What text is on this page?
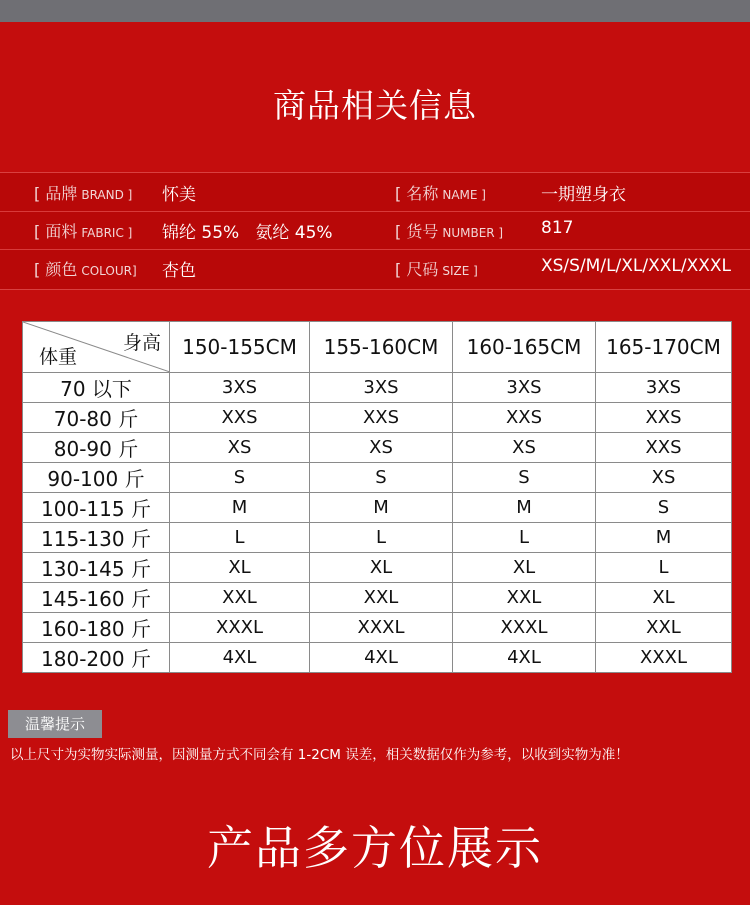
商品相关信息
[ 品牌 BRAND ] 怀美	[ 名称 NAME ]	一期塑身衣
[ 面料 FABRIC ] 锦纶 55%   氨纶 45%	[ 货号 NUMBER ] 817
[ 颜色 COLOUR] 杏色	[ 尺码 SIZE ]	XS/S/M/L/XL/XXL/XXXL
身高
体重	150-155CM	155-160CM	160-165CM	165-170CM
70 以下	3XS	3XS	3XS	3XS
70-80 斤	XXS	XXS	XXS	XXS
80-90 斤	XS	XS	XS	XXS
90-100 斤	S	S	S	XS
100-115 斤	M	M	M	S
115-130 斤	L	L	L	M
130-145 斤	XL	XL	XL	L
145-160 斤	XXL	XXL	XXL	XL
160-180 斤	XXXL	XXXL	XXXL	XXL
180-200 斤	4XL	4XL	4XL	XXXL
温馨提示
以上尺寸为实物实际测量，因测量方式不同会有 1-2CM 误差，相关数据仅作为参考，以收到实物为准！
产品多方位展示
